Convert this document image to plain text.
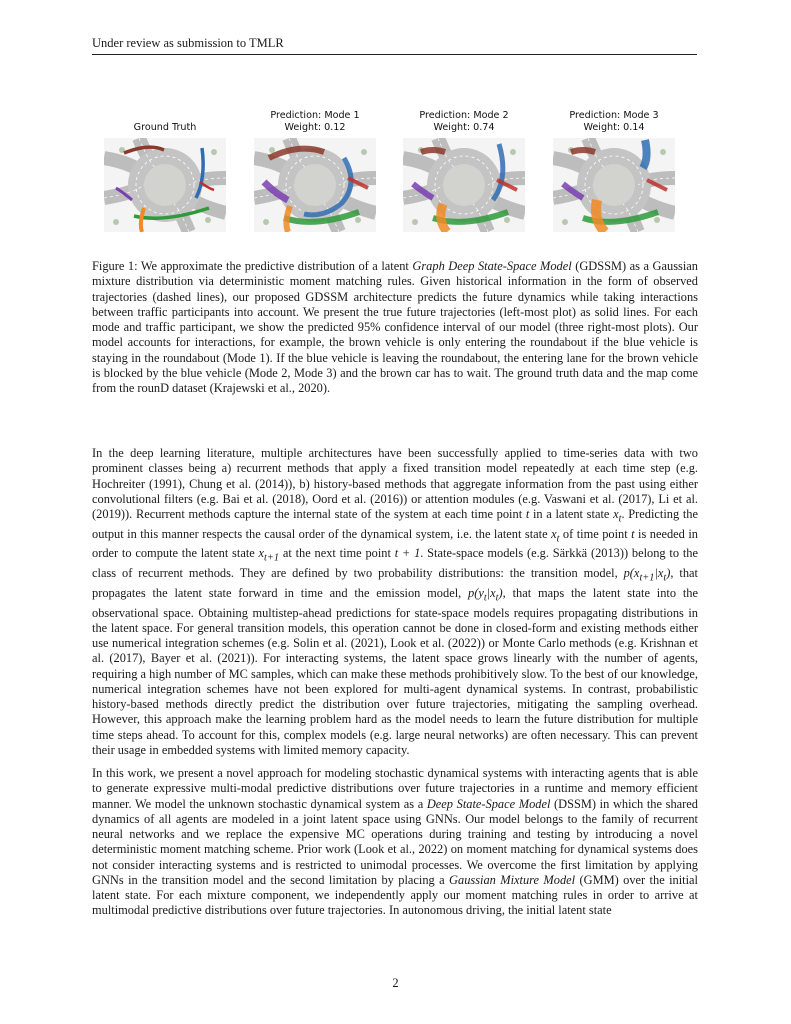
Under review as submission to TMLR
Ground Truth
Prediction: Mode 1
Weight: 0.12
Prediction: Mode 2
Weight: 0.74
Prediction: Mode 3
Weight: 0.14
Figure 1: We approximate the predictive distribution of a latent Graph Deep State-Space Model (GDSSM) as a Gaussian mixture distribution via deterministic moment matching rules. Given historical information in the form of observed trajectories (dashed lines), our proposed GDSSM architecture predicts the future dynamics while taking interactions between traffic participants into account. We present the true future trajectories (left-most plot) as solid lines. For each mode and traffic participant, we show the predicted 95% confidence interval of our model (three right-most plots). Our model accounts for interactions, for example, the brown vehicle is only entering the roundabout if the blue vehicle is staying in the roundabout (Mode 1). If the blue vehicle is leaving the roundabout, the entering lane for the brown vehicle is blocked by the blue vehicle (Mode 2, Mode 3) and the brown car has to wait. The ground truth data and the map come from the rounD dataset (Krajewski et al., 2020).

In the deep learning literature, multiple architectures have been successfully applied to time-series data with two prominent classes being a) recurrent methods that apply a fixed transition model repeatedly at each time step (e.g. Hochreiter (1991), Chung et al. (2014)), b) history-based methods that aggregate information from the past using either convolutional filters (e.g. Bai et al. (2018), Oord et al. (2016)) or attention modules (e.g. Vaswani et al. (2017), Li et al. (2019)). Recurrent methods capture the internal state of the system at each time point t in a latent state $x_t$. Predicting the output in this manner respects the causal order of the dynamical system, i.e. the latent state $x_t$ of time point t is needed in order to compute the latent state $x_{t+1}$ at the next time point t + 1. State-space models (e.g. Särkkä (2013)) belong to the class of recurrent methods. They are defined by two probability distributions: the transition model, $p(x_{t+1}|x_t)$, that propagates the latent state forward in time and the emission model, $p(y_t|x_t)$, that maps the latent state into the observational space. Obtaining multistep-ahead predictions for state-space models requires propagating distributions in the latent space. For general transition models, this operation cannot be done in closed-form and existing methods either use numerical integration schemes (e.g. Solin et al. (2021), Look et al. (2022)) or Monte Carlo methods (e.g. Krishnan et al. (2017), Bayer et al. (2021)). For interacting systems, the latent space grows linearly with the number of agents, requiring a high number of MC samples, which can make these methods prohibitively slow. To the best of our knowledge, numerical integration schemes have not been explored for multi-agent dynamical systems. In contrast, probabilistic history-based methods directly predict the distribution over future trajectories, mitigating the sampling overhead. However, this approach make the learning problem hard as the model needs to learn the future distribution for multiple time steps ahead. To account for this, complex models (e.g. large neural networks) are often necessary. This can prevent their usage in embedded systems with limited memory capacity.

In this work, we present a novel approach for modeling stochastic dynamical systems with interacting agents that is able to generate expressive multi-modal predictive distributions over future trajectories in a runtime and memory efficient manner. We model the unknown stochastic dynamical system as a Deep State-Space Model (DSSM) in which the shared dynamics of all agents are modeled in a joint latent space using GNNs. Our model belongs to the family of recurrent neural networks and we replace the expensive MC operations during training and testing by introducing a novel deterministic moment matching scheme. Prior work (Look et al., 2022) on moment matching for dynamical systems does not consider interacting systems and is restricted to unimodal processes. We overcome the first limitation by applying GNNs in the transition model and the second limitation by placing a Gaussian Mixture Model (GMM) over the initial latent state. For each mixture component, we independently apply our moment matching rules in order to arrive at multimodal predictive distributions over future trajectories. In autonomous driving, the initial latent state

2
